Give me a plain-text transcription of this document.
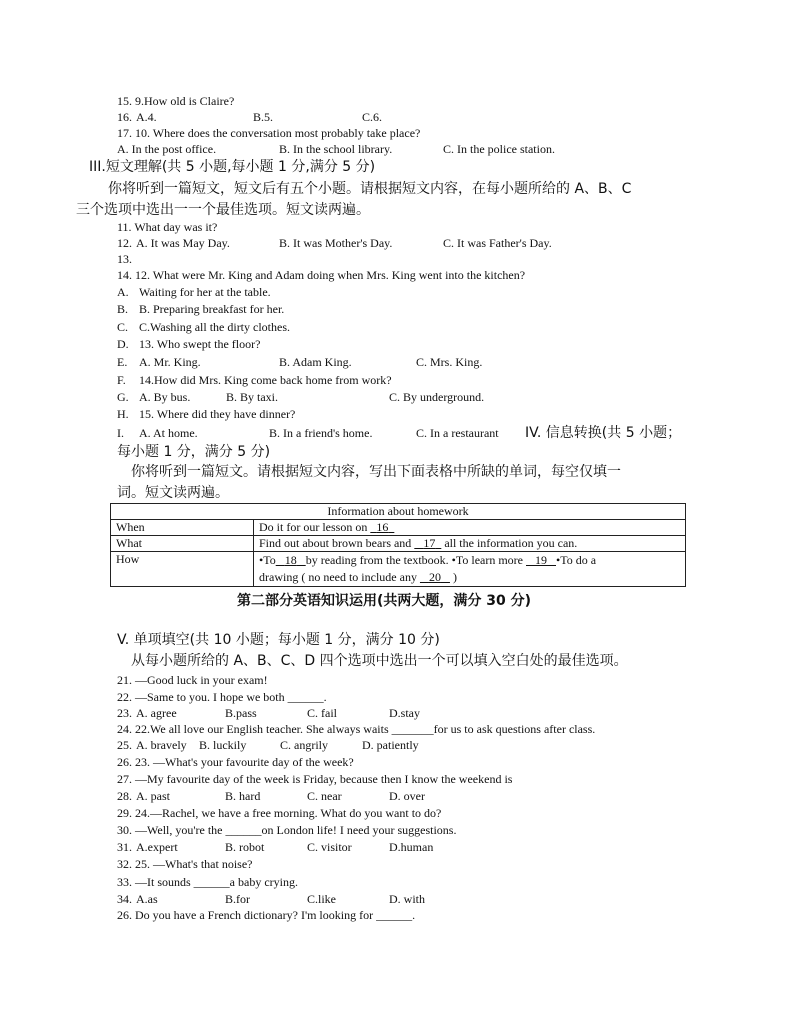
15. 9.How old is Claire?
16. A.4.	B.5.	C.6.
17. 10. Where does the conversation most probably take place?
A. In the post office.	B. In the school library.	C. In the police station.
III.短文理解(共 5 小题,每小题 1 分,满分 5 分)
你将听到一篇短文，短文后有五个小题。请根据短文内容，在每小题所给的 A、B、C
三个选项中选出一一个最佳选项。短文读两遍。
11. What day was it?
12. A. It was May Day.	B. It was Mother's Day.	C. It was Father's Day.
13.
14. 12. What were Mr. King and Adam doing when Mrs. King went into the kitchen?
A. Waiting for her at the table.
B. B. Preparing breakfast for her.
C. C.Washing all the dirty clothes.
D. 13. Who swept the floor?
E. A. Mr. King.	B. Adam King.	C. Mrs. King.
F. 14.How did Mrs. King come back home from work?
G. A. By bus.	B. By taxi.	C. By underground.
H. 15. Where did they have dinner?
I. A. At home.	B. In a friend's home.	C. In a restaurant IV. 信息转换(共 5 小题；
每小题 1 分，满分 5 分)
你将听到一篇短文。请根据短文内容，写出下面表格中所缺的单词，每空仅填一
词。短文读两遍。
Information about homework	
When	Do it for our lesson on   16
What	Find out about brown bears and    17 all the information you can.
How	•To 18 by reading from the textbook. •To learn more    19 •To do a
drawing ( no need to include any    20 )
第二部分英语知识运用(共两大题，满分 30 分)
V. 单项填空(共 10 小题；每小题 1 分，满分 10 分)
从每小题所给的 A、B、C、D 四个选项中选出一个可以填入空白处的最佳选项。
21. —Good luck in your exam!
22. —Same to you. I hope we both ______.
23. A. agree	B.pass	C. fail	D.stay
24. 22.We all love our English teacher. She always waits _______for us to ask questions after class.
25. A. bravely B. luckily	C. angrily	D. patiently
26. 23. —What's your favourite day of the week?
27. —My favourite day of the week is Friday, because then I know the weekend is
28. A. past	B. hard	C. near	D. over
29. 24.—Rachel, we have a free morning. What do you want to do?
30. —Well, you're the ______on London life! I need your suggestions.
31. A.expert	B. robot	C. visitor	D.human
32. 25. —What's that noise?
33. —It sounds ______a baby crying.
34. A.as	B.for	C.like	D. with
26. Do you have a French dictionary? I'm looking for ______.
